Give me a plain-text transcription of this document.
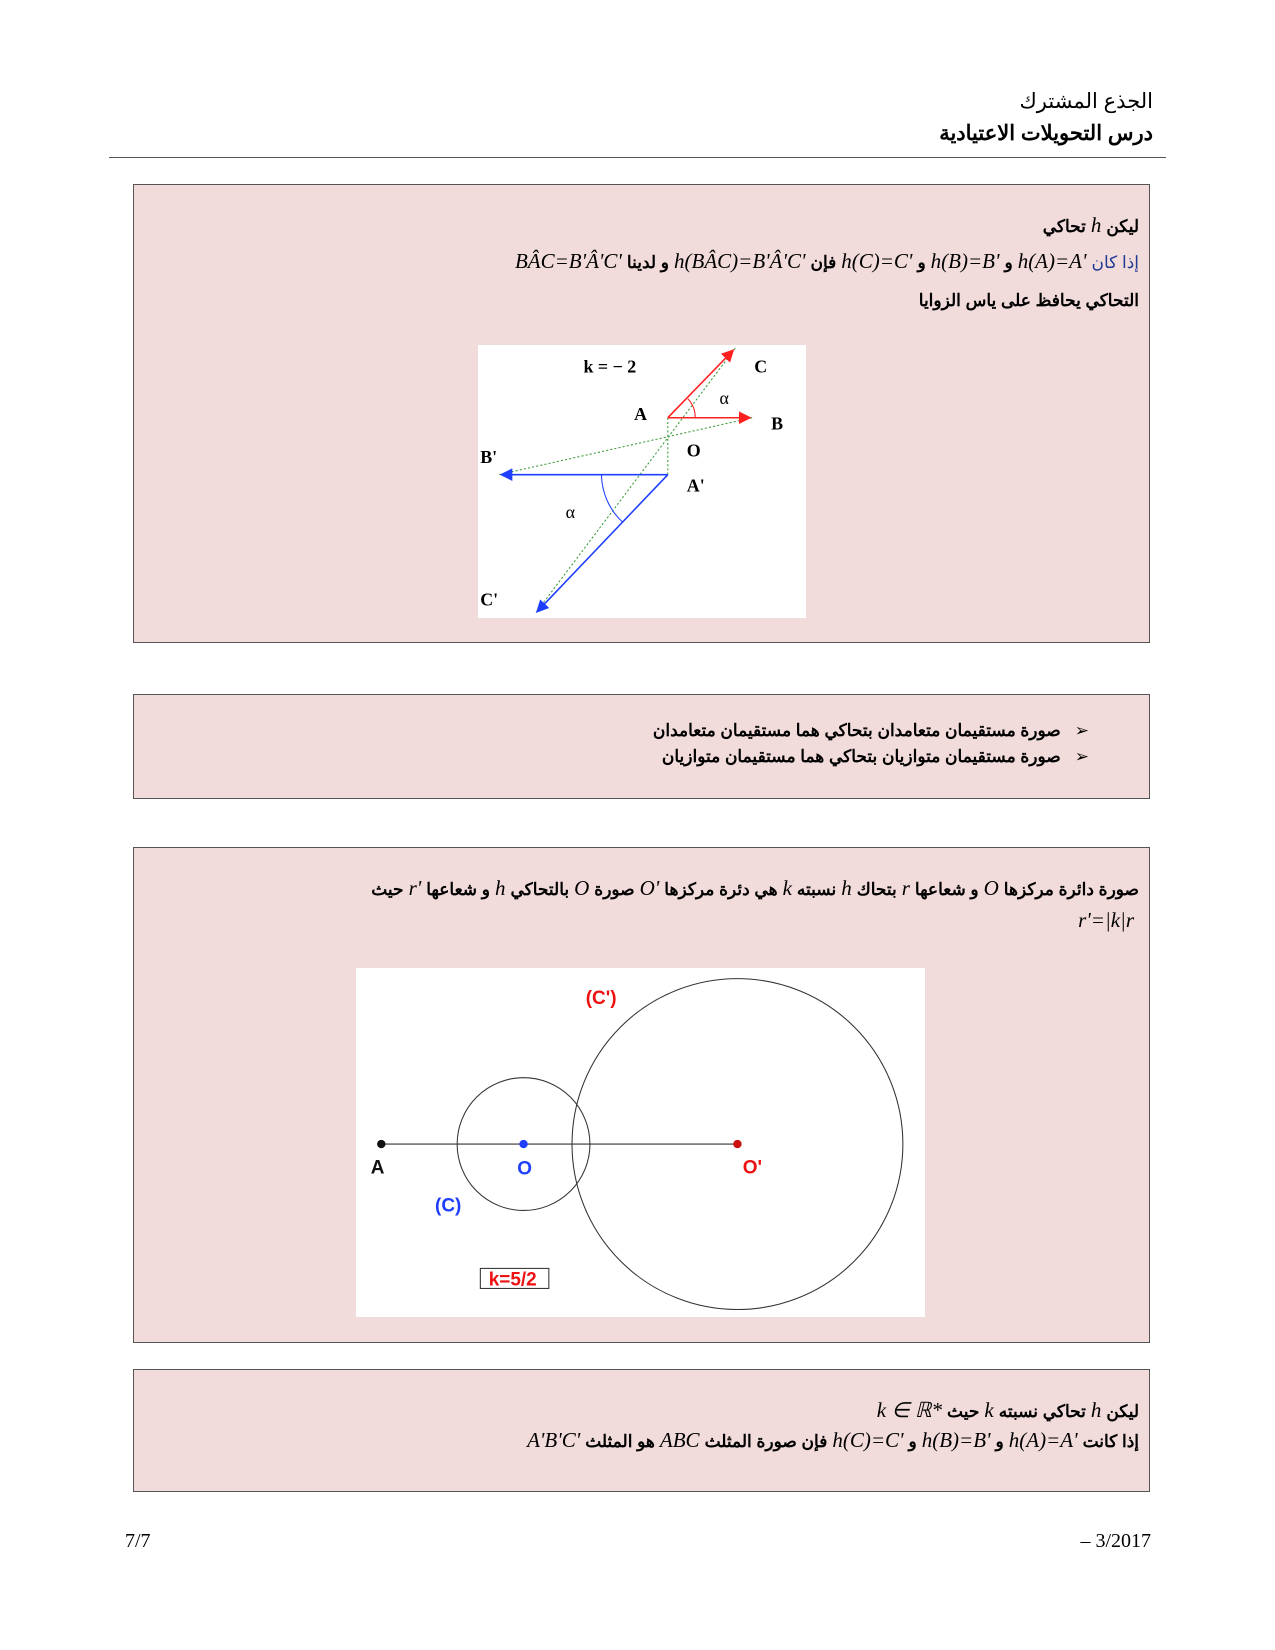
الجذع المشترك
درس التحويلات الاعتيادية
ليكنhتحاكي
إذا كانh(A)=A'وh(B)=B'وh(C)=C'فإنh(BÂC)=B'Â'C'و لديناBÂC=B'Â'C'
التحاكي يحافظ على ياس الزوايا
k = − 2	C
A
α
B
B'	O
A'
α
C'
➢صورة مستقيمان متعامدان بتحاكي هما مستقيمان متعامدان
➢صورة مستقيمان متوازيان بتحاكي هما مستقيمان متوازيان
صورة دائرة مركزهاOو شعاعهاrبتحاكhنسبتهkهي دئرة مركزهاO'صورةOبالتحاكيhو شعاعهاr'حيث
r'=|k|r
A	O	O'
(C)
(C')
k=5/2
ليكنhتحاكي نسبتهkحيثk ∈ ℝ*
إذا كانتh(A)=A'وh(B)=B'وh(C)=C'فإن صورة المثلثABCهو المثلثA'B'C'
7/7	– 3/2017
